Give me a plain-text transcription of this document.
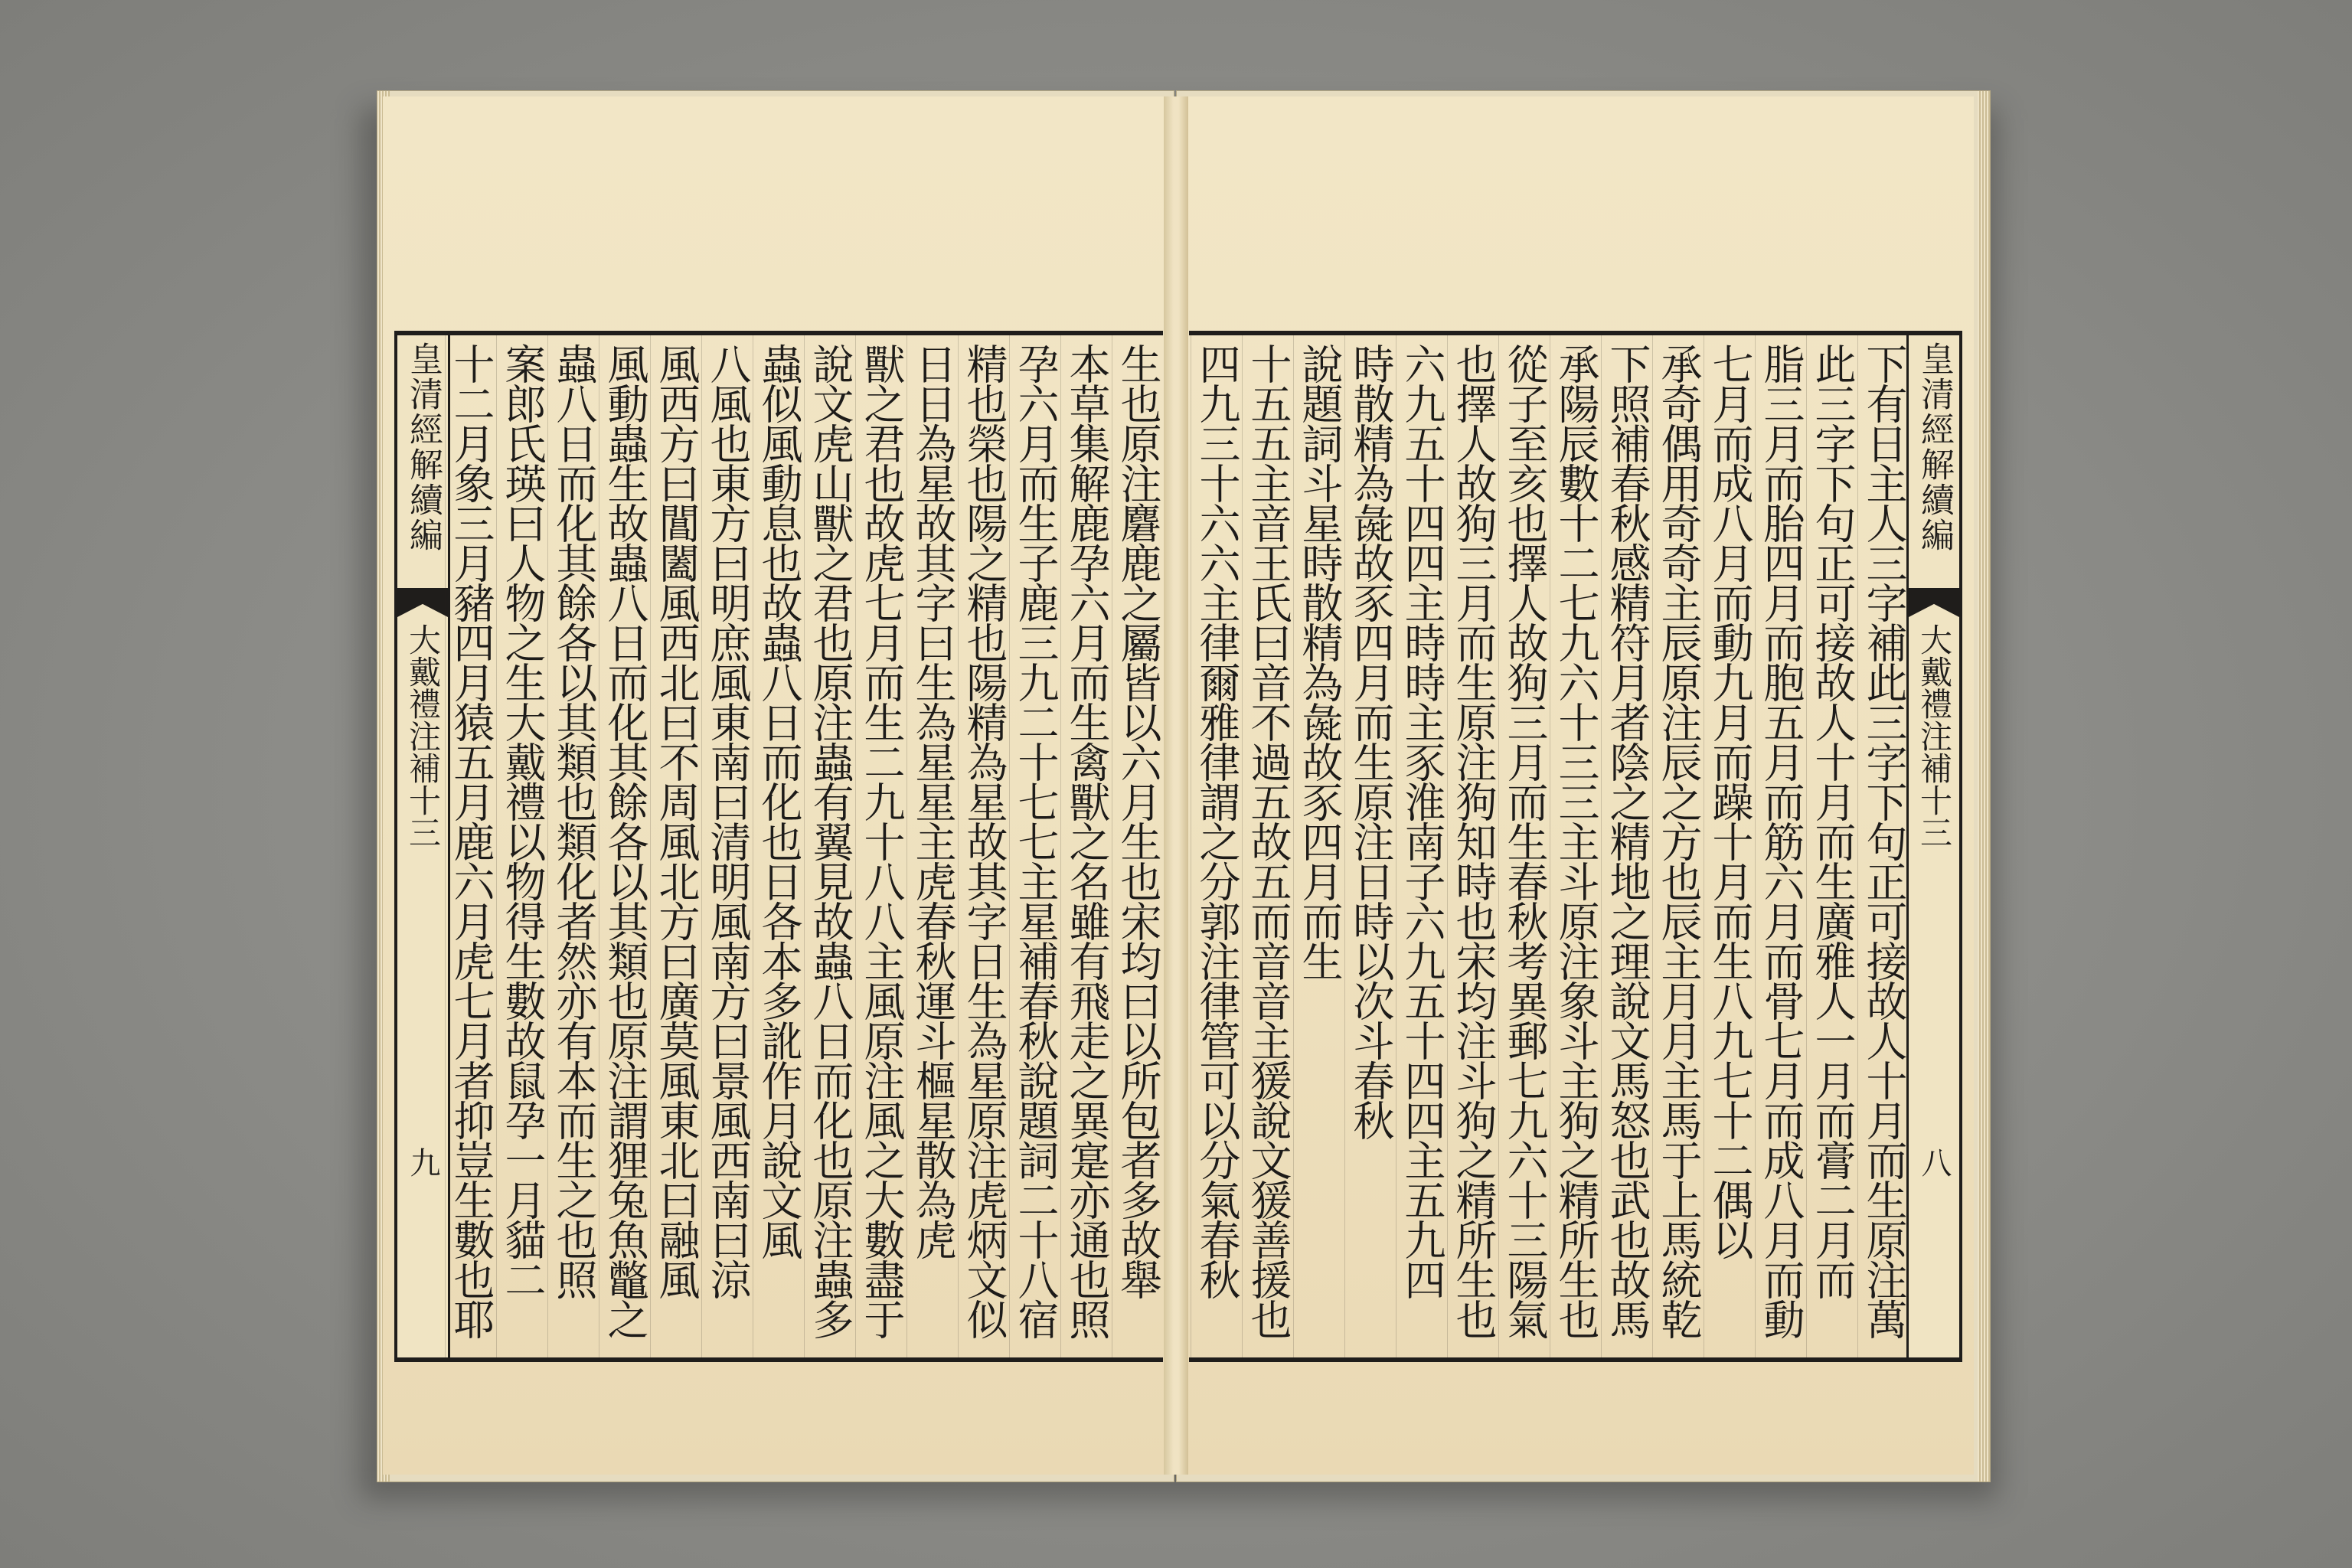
皇清經解續編
大戴禮注補十三
九	生也原注麏鹿之屬皆以六月生也宋均曰以所包者多故舉
本草集解鹿孕六月而生禽獸之名雖有飛走之異寔亦通也照
孕六月而生子鹿三九二十七七主星補春秋說題詞二十八宿
精也榮也陽之精也陽精為星故其字日生為星原注虎炳文似
日日為星故其字曰生為星星主虎春秋運斗樞星散為虎
獸之君也故虎七月而生二九十八八主風原注風之大數盡于
說文虎山獸之君也原注蟲有翼見故蟲八日而化也原注蟲多
蟲似風動息也故蟲八日而化也日各本多訛作月說文風
八風也東方曰明庶風東南曰清明風南方曰景風西南曰涼
風西方曰閶闔風西北曰不周風北方曰廣莫風東北曰融風
風動蟲生故蟲八日而化其餘各以其類也原注謂狸兔魚鼈之
蟲八日而化其餘各以其類也類化者然亦有本而生之也照
案郎氏瑛曰人物之生大戴禮以物得生數故鼠孕一月貓二
十二月象三月豬四月猿五月鹿六月虎七月者抑豈生數也耶
皇清經解續編
大戴禮注補十三
八
下有日主人三字補此三字下句正可接故人十月而生原注萬
此三字下句正可接故人十月而生廣雅人一月而膏二月而
脂三月而胎四月而胞五月而筋六月而骨七月而成八月而動
七月而成八月而動九月而躁十月而生八九七十二偶以
承奇偶用奇奇主辰原注辰之方也辰主月月主馬于上馬統乾
下照補春秋感精符月者陰之精地之理說文馬怒也武也故馬
承陽辰數十二七九六十三三主斗原注象斗主狗之精所生也
從子至亥也擇人故狗三月而生春秋考異郵七九六十三陽氣
也擇人故狗三月而生原注狗知時也宋均注斗狗之精所生也
六九五十四四主時時主豕淮南子六九五十四四主五九四
時散精為彘故豕四月而生原注日時以次斗春秋
說題詞斗星時散精為彘故豕四月而生
十五五主音王氏曰音不過五故五而音音主猨說文猨善援也
四九三十六六主律爾雅律謂之分郭注律管可以分氣春秋
